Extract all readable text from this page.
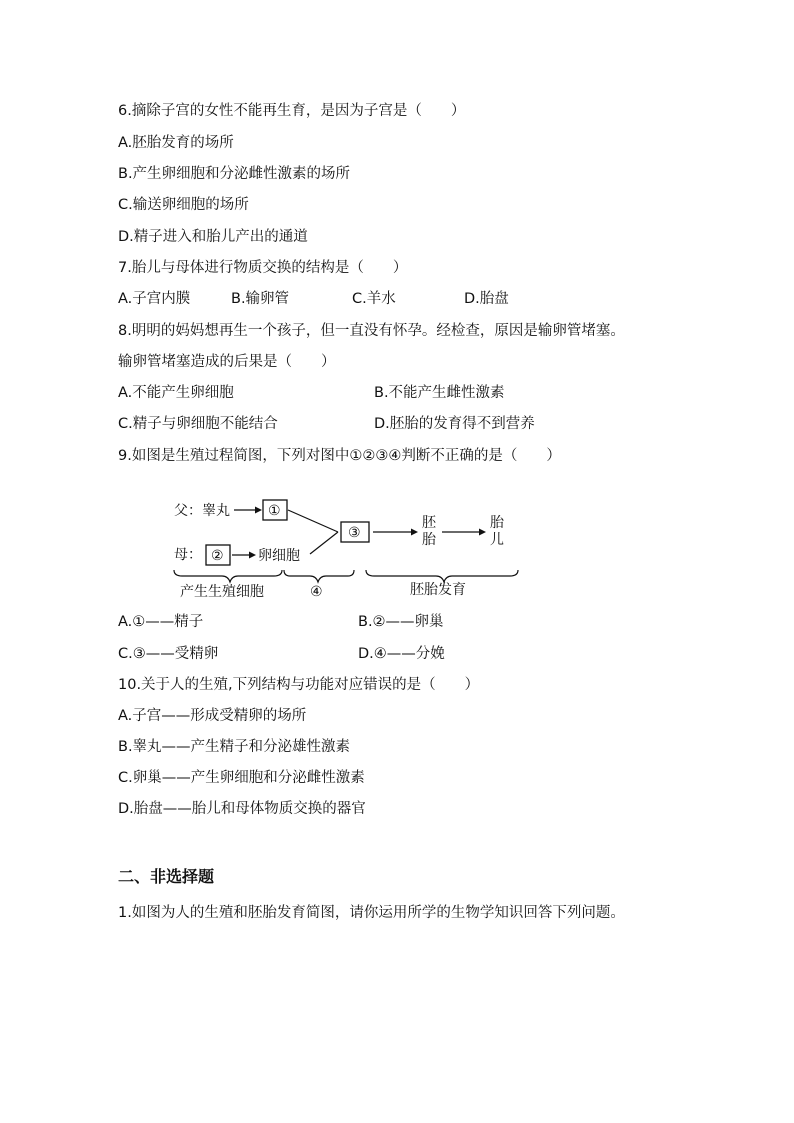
6.摘除子宫的女性不能再生育，是因为子宫是（　　）
A.胚胎发育的场所
B.产生卵细胞和分泌雌性激素的场所
C.输送卵细胞的场所
D.精子进入和胎儿产出的通道
7.胎儿与母体进行物质交换的结构是（　　）
A.子宫内膜	B.输卵管	C.羊水	D.胎盘
8.明明的妈妈想再生一个孩子，但一直没有怀孕。经检查，原因是输卵管堵塞。
输卵管堵塞造成的后果是（　　）
A.不能产生卵细胞	B.不能产生雌性激素
C.精子与卵细胞不能结合	D.胚胎的发育得不到营养
9.如图是生殖过程简图，下列对图中①②③④判断不正确的是（　　）
父：睾丸	①
母： ② 卵细胞
③
胚
胎
胎
儿
产生生殖细胞	④	胚胎发育
A.①——精子	B.②——卵巢
C.③——受精卵	D.④——分娩
10.关于人的生殖,下列结构与功能对应错误的是（　　）
A.子宫——形成受精卵的场所
B.睾丸——产生精子和分泌雄性激素
C.卵巢——产生卵细胞和分泌雌性激素
D.胎盘——胎儿和母体物质交换的器官
二、非选择题
1.如图为人的生殖和胚胎发育简图，请你运用所学的生物学知识回答下列问题。
